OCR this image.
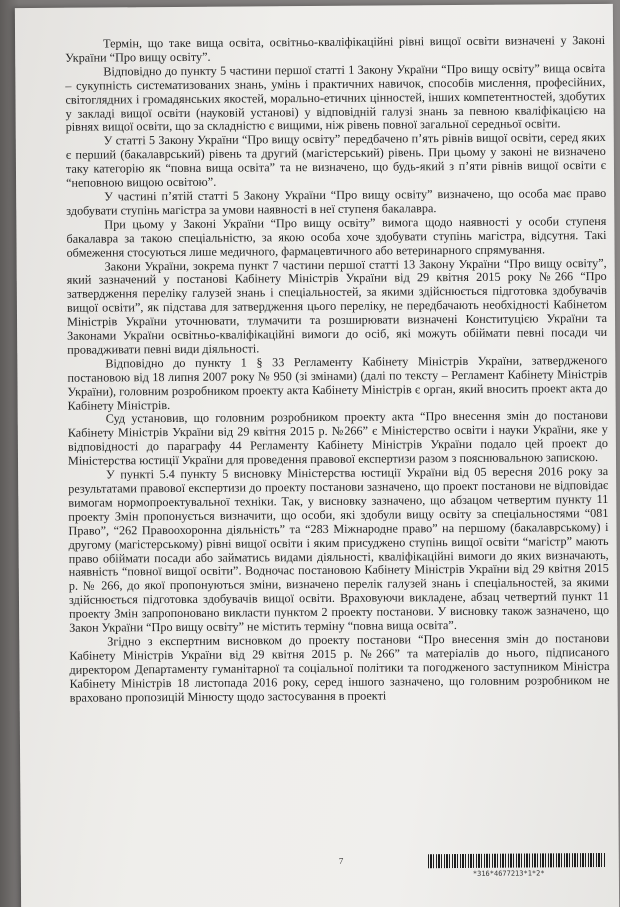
Термін, що таке вища освіта, освітньо-кваліфікаційні рівні вищої освіти визначені у Законі України “Про вищу освіту”.

Відповідно до пункту 5 частини першої статті 1 Закону України “Про вищу освіту” вища освіта – сукупність систематизованих знань, умінь і практичних навичок, способів мислення, професійних, світоглядних і громадянських якостей, морально-етичних цінностей, інших компетентностей, здобутих у закладі вищої освіти (науковій установі) у відповідній галузі знань за певною кваліфікацією на рівнях вищої освіти, що за складністю є вищими, ніж рівень повної загальної середньої освіти.

У статті 5 Закону України “Про вищу освіту” передбачено п’ять рівнів вищої освіти, серед яких є перший (бакалаврський) рівень та другий (магістерський) рівень. При цьому у законі не визначено таку категорію як “повна вища освіта” та не визначено, що будь-який з п’яти рівнів вищої освіти є “неповною вищою освітою”.

У частині п’ятій статті 5 Закону України “Про вищу освіту” визначено, що особа має право здобувати ступінь магістра за умови наявності в неї ступеня бакалавра.

При цьому у Законі України “Про вищу освіту” вимога щодо наявності у особи ступеня бакалавра за такою спеціальністю, за якою особа хоче здобувати ступінь магістра, відсутня. Такі обмеження стосуються лише медичного, фармацевтичного або ветеринарного спрямування.

Закони України, зокрема пункт 7 частини першої статті 13 Закону України “Про вищу освіту”, який зазначений у постанові Кабінету Міністрів України від 29 квітня 2015 року №266 “Про затвердження переліку галузей знань і спеціальностей, за якими здійснюється підготовка здобувачів вищої освіти”, як підстава для затвердження цього переліку, не передбачають необхідності Кабінетом Міністрів України уточнювати, тлумачити та розширювати визначені Конституцією України та Законами України освітньо-кваліфікаційні вимоги до осіб, які можуть обіймати певні посади чи провадживати певні види діяльності.

Відповідно до пункту 1 § 33 Регламенту Кабінету Міністрів України, затвердженого постановою від 18 липня 2007 року № 950 (зі змінами) (далі по тексту – Регламент Кабінету Міністрів України), головним розробником проекту акта Кабінету Міністрів є орган, який вносить проект акта до Кабінету Міністрів.

Суд установив, що головним розробником проекту акта “Про внесення змін до постанови Кабінету Міністрів України від 29 квітня 2015 р. №266” є Міністерство освіти і науки України, яке у відповідності до параграфу 44 Регламенту Кабінету Міністрів України подало цей проект до Міністерства юстиції України для проведення правової експертизи разом з пояснювальною запискою.

У пункті 5.4 пункту 5 висновку Міністерства юстиції України від 05 вересня 2016 року за результатами правової експертизи до проекту постанови зазначено, що проект постанови не відповідає вимогам нормопроектувальної техніки. Так, у висновку зазначено, що абзацом четвертим пункту 11 проекту Змін пропонується визначити, що особи, які здобули вищу освіту за спеціальностями “081 Право”, “262 Правоохоронна діяльність” та “283 Міжнародне право” на першому (бакалаврському) і другому (магістерському) рівні вищої освіти і яким присуджено ступінь вищої освіти “магістр” мають право обіймати посади або займатись видами діяльності, кваліфікаційні вимоги до яких визначають, наявність “повної вищої освіти”. Водночас постановою Кабінету Міністрів України від 29 квітня 2015 р. № 266, до якої пропонуються зміни, визначено перелік галузей знань і спеціальностей, за якими здійснюється підготовка здобувачів вищої освіти. Враховуючи викладене, абзац четвертий пункт 11 проекту Змін запропоновано викласти пунктом 2 проекту постанови. У висновку також зазначено, що Закон України “Про вищу освіту” не містить терміну “повна вища освіта”.

Згідно з експертним висновком до проекту постанови “Про внесення змін до постанови Кабінету Міністрів України від 29 квітня 2015 р. №266” та матеріалів до нього, підписаного директором Департаменту гуманітарної та соціальної політики та погодженого заступником Міністра Кабінету Міністрів 18 листопада 2016 року, серед іншого зазначено, що головним розробником не враховано пропозицій Мінюсту щодо застосування в проекті

7
*316*4677213*1*2*
